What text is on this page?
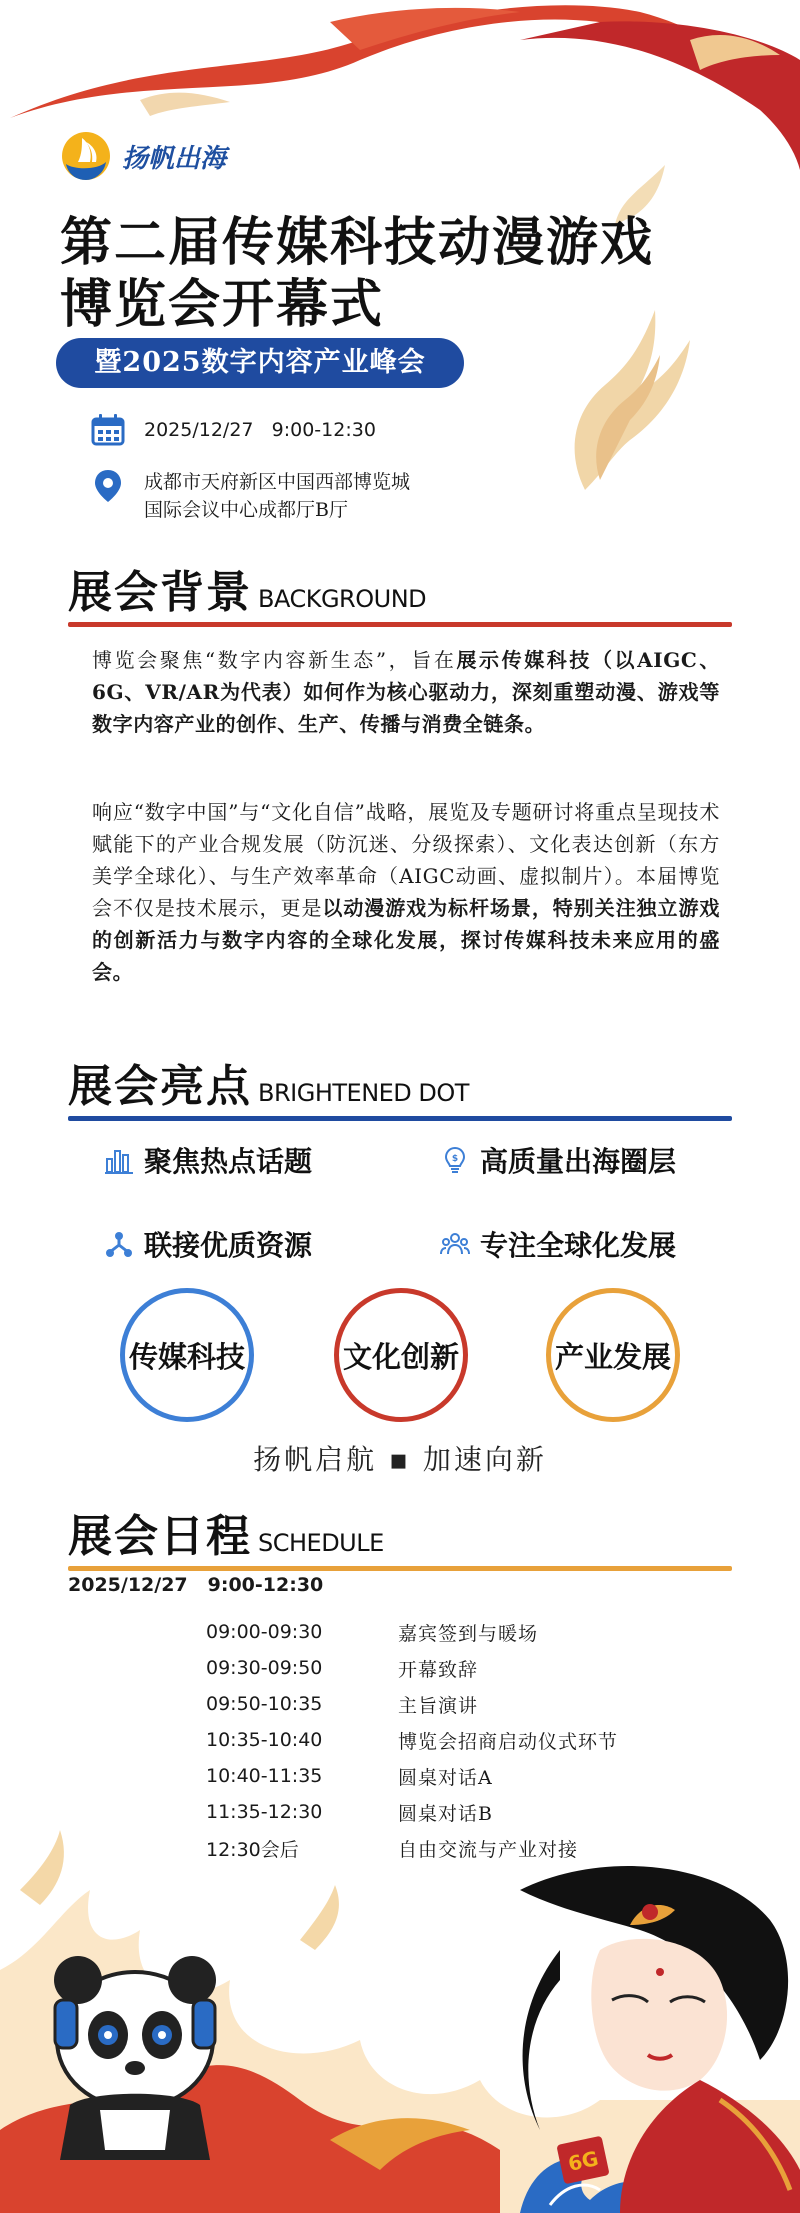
扬帆出海
第二届传媒科技动漫游戏
博览会开幕式
暨2025数字内容产业峰会
2025/12/27   9:00-12:30
成都市天府新区中国西部博览城
国际会议中心成都厅B厅
展会背景 BACKGROUND
博览会聚焦“数字内容新生态”，旨在展示传媒科技（以AIGC、6G、VR/AR为代表）如何作为核心驱动力，深刻重塑动漫、游戏等数字内容产业的创作、生产、传播与消费全链条。
响应“数字中国”与“文化自信”战略，展览及专题研讨将重点呈现技术赋能下的产业合规发展（防沉迷、分级探索）、文化表达创新（东方美学全球化）、与生产效率革命（AIGC动画、虚拟制片）。本届博览会不仅是技术展示，更是以动漫游戏为标杆场景，特别关注独立游戏的创新活力与数字内容的全球化发展，探讨传媒科技未来应用的盛会。
展会亮点 BRIGHTENED DOT
聚焦热点话题	$ 高质量出海圈层
联接优质资源	专注全球化发展
传媒科技	文化创新	产业发展
扬帆启航 ▪ 加速向新
展会日程 SCHEDULE
2025/12/27 9:00-12:30
09:00-09:30	嘉宾签到与暖场
09:30-09:50	开幕致辞
09:50-10:35	主旨演讲
10:35-10:40	博览会招商启动仪式环节
10:40-11:35	圆桌对话A
11:35-12:30	圆桌对话B
12:30会后	自由交流与产业对接
6G
